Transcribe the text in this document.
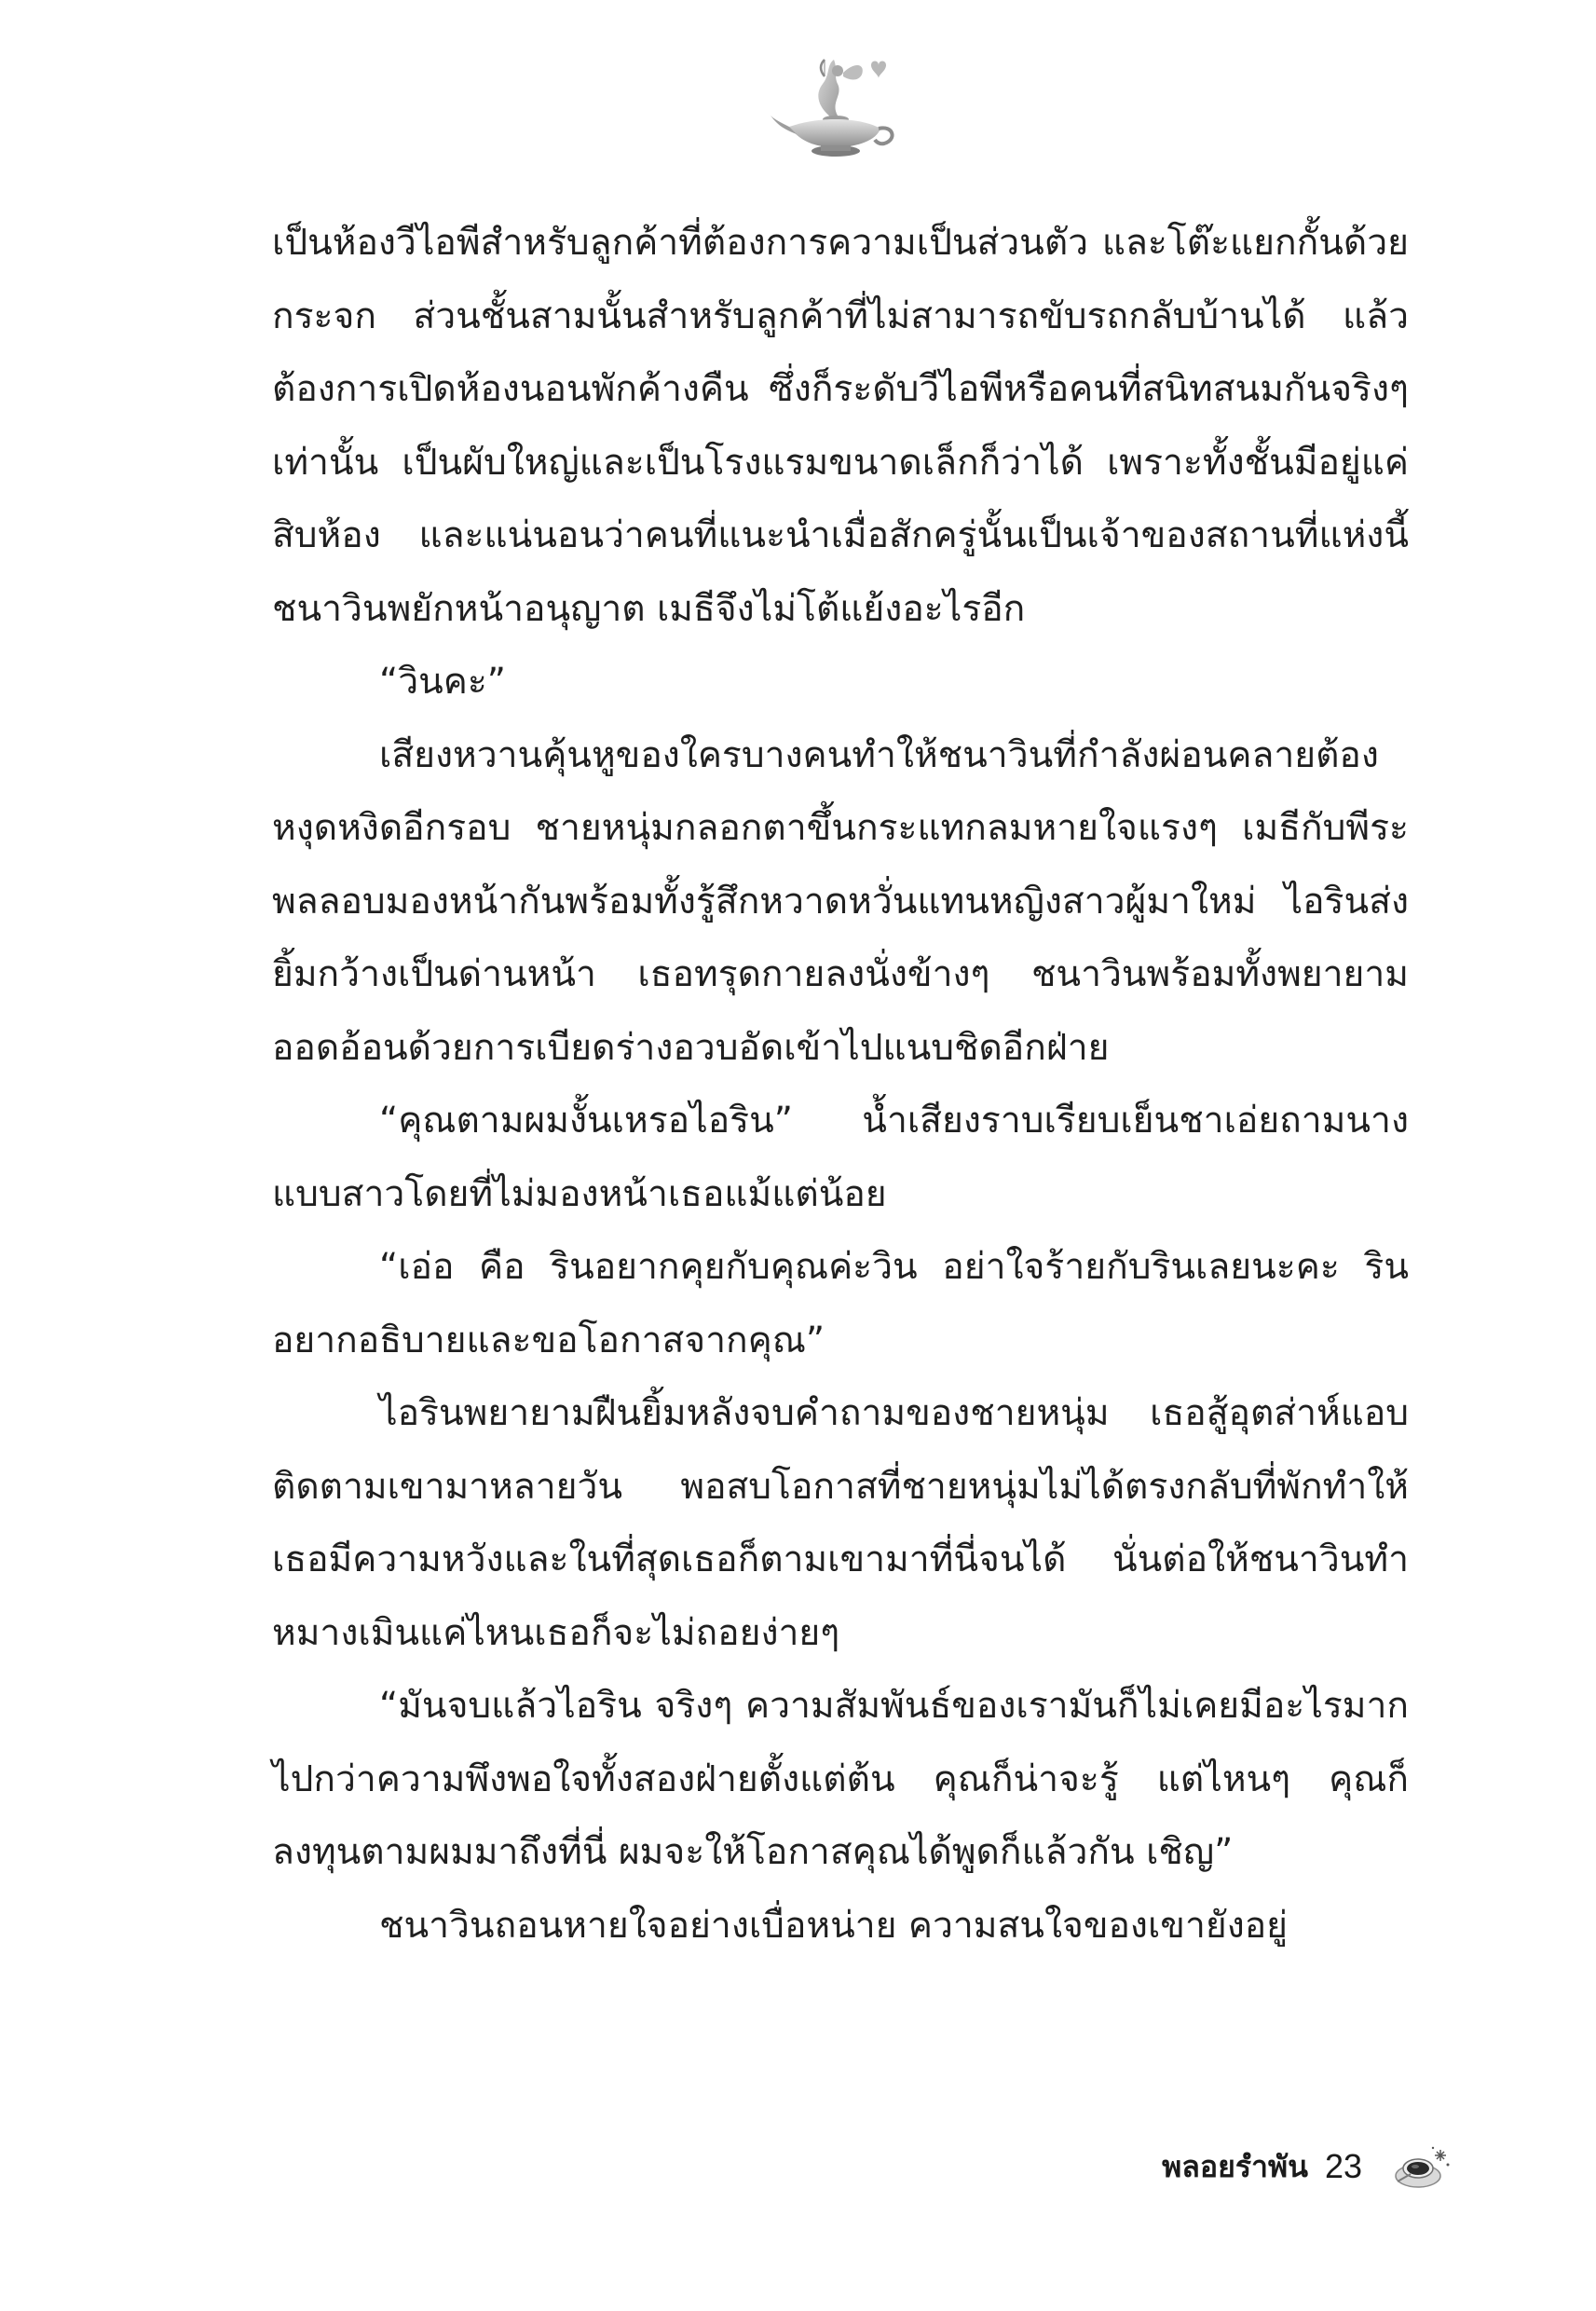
เป็นห้องวีไอพีสำหรับลูกค้าที่ต้องการความเป็นส่วนตัว และโต๊ะแยกกั้นด้วยกระจก ส่วนชั้นสามนั้นสำหรับลูกค้าที่ไม่สามารถขับรถกลับบ้านได้ แล้วต้องการเปิดห้องนอนพักค้างคืน ซึ่งก็ระดับวีไอพีหรือคนที่สนิทสนมกันจริงๆ เท่านั้น เป็นผับใหญ่และเป็นโรงแรมขนาดเล็กก็ว่าได้ เพราะทั้งชั้นมีอยู่แค่สิบห้อง และแน่นอนว่าคนที่แนะนำเมื่อสักครู่นั้นเป็นเจ้าของสถานที่แห่งนี้ ชนาวินพยักหน้าอนุญาต เมธีจึงไม่โต้แย้งอะไรอีก

“วินคะ”

เสียงหวานคุ้นหูของใครบางคนทำให้ชนาวินที่กำลังผ่อนคลายต้องหงุดหงิดอีกรอบ ชายหนุ่มกลอกตาขึ้นกระแทกลมหายใจแรงๆ เมธีกับพีระพลลอบมองหน้ากันพร้อมทั้งรู้สึกหวาดหวั่นแทนหญิงสาวผู้มาใหม่ ไอรินส่งยิ้มกว้างเป็นด่านหน้า เธอทรุดกายลงนั่งข้างๆ ชนาวินพร้อมทั้งพยายามออดอ้อนด้วยการเบียดร่างอวบอัดเข้าไปแนบชิดอีกฝ่าย

“คุณตามผมงั้นเหรอไอริน” น้ำเสียงราบเรียบเย็นชาเอ่ยถามนางแบบสาวโดยที่ไม่มองหน้าเธอแม้แต่น้อย

“เอ่อ คือ รินอยากคุยกับคุณค่ะวิน อย่าใจร้ายกับรินเลยนะคะ รินอยากอธิบายและขอโอกาสจากคุณ”

ไอรินพยายามฝืนยิ้มหลังจบคำถามของชายหนุ่ม เธอสู้อุตส่าห์แอบติดตามเขามาหลายวัน พอสบโอกาสที่ชายหนุ่มไม่ได้ตรงกลับที่พักทำให้เธอมีความหวังและในที่สุดเธอก็ตามเขามาที่นี่จนได้ นั่นต่อให้ชนาวินทำหมางเมินแค่ไหนเธอก็จะไม่ถอยง่ายๆ

“มันจบแล้วไอริน จริงๆ ความสัมพันธ์ของเรามันก็ไม่เคยมีอะไรมากไปกว่าความพึงพอใจทั้งสองฝ่ายตั้งแต่ต้น คุณก็น่าจะรู้ แต่ไหนๆ คุณก็ลงทุนตามผมมาถึงที่นี่ ผมจะให้โอกาสคุณได้พูดก็แล้วกัน เชิญ”

ชนาวินถอนหายใจอย่างเบื่อหน่าย ความสนใจของเขายังอยู่

พลอยรำพัน 23
